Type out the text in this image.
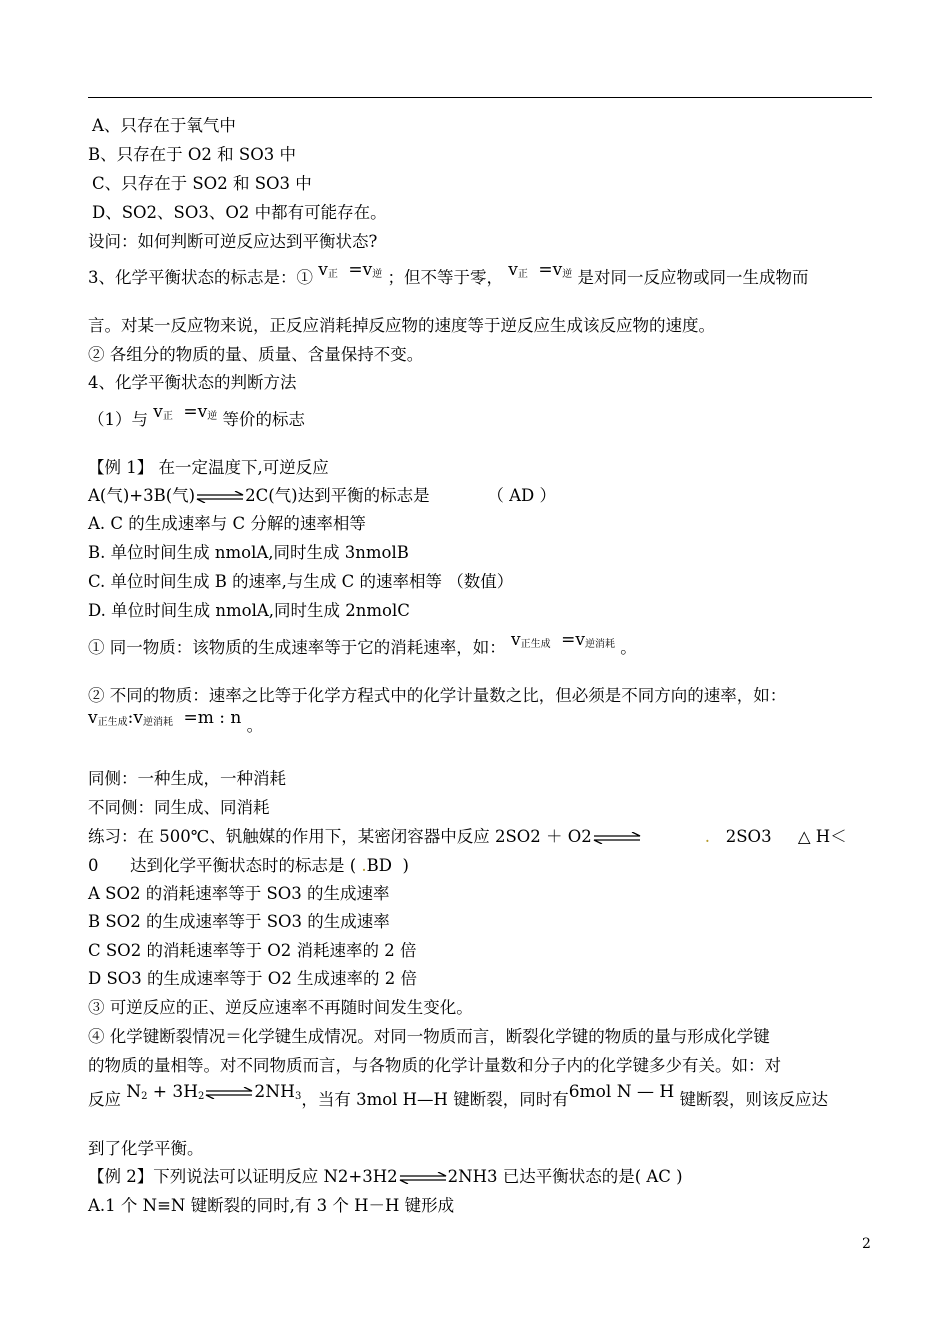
A、只存在于氧气中
B、只存在于 O2 和 SO3 中
C、只存在于 SO2 和 SO3 中
D、SO2、SO3、O2 中都有可能存在。
设问：如何判断可逆反应达到平衡状态?
3、化学平衡状态的标志是：① v正 =v逆 ；但不等于零， v正 =v逆 是对同一反应物或同一生成物而
言。对某一反应物来说，正反应消耗掉反应物的速度等于逆反应生成该反应物的速度。
② 各组分的物质的量、质量、含量保持不变。
4、化学平衡状态的判断方法
（1）与 v正 =v逆 等价的标志
【例 1】 在一定温度下,可逆反应
A(气)+3B(气)⇌2C(气)达到平衡的标志是	（ AD ）
A. C 的生成速率与 C 分解的速率相等
B. 单位时间生成 nmolA,同时生成 3nmolB
C. 单位时间生成 B 的速率,与生成 C 的速率相等 （数值）
D. 单位时间生成 nmolA,同时生成 2nmolC
① 同一物质：该物质的生成速率等于它的消耗速率，如： v正生成 =v逆消耗 。
② 不同的物质：速率之比等于化学方程式中的化学计量数之比，但必须是不同方向的速率，如：
v正生成:v逆消耗 =m : n 。
同侧：一种生成，一种消耗
不同侧：同生成、同消耗
练习：在 500℃、钒触媒的作用下，某密闭容器中反应 2SO2 ＋ O2⇌	. 2SO3 △ H＜
0 达到化学平衡状态时的标志是 ( .BD )
A SO2 的消耗速率等于 SO3 的生成速率
B SO2 的生成速率等于 SO3 的生成速率
C SO2 的消耗速率等于 O2 消耗速率的 2 倍
D SO3 的生成速率等于 O2 生成速率的 2 倍
③ 可逆反应的正、逆反应速率不再随时间发生变化。
④ 化学键断裂情况＝化学键生成情况。对同一物质而言，断裂化学键的物质的量与形成化学键
的物质的量相等。对不同物质而言，与各物质的化学计量数和分子内的化学键多少有关。如：对
反应 N2 + 3H2⇌2NH3，当有 3mol H—H 键断裂，同时有6mol N — H 键断裂，则该反应达
到了化学平衡。
【例 2】下列说法可以证明反应 N2+3H2⇌2NH3 已达平衡状态的是( AC )
A.1 个 N≡N 键断裂的同时,有 3 个 H－H 键形成
2
